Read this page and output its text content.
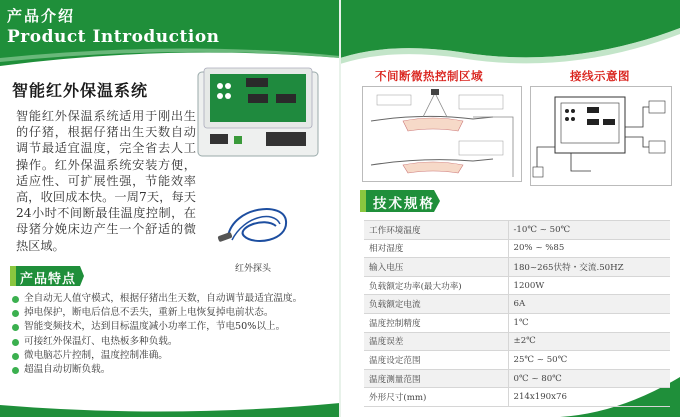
产品介绍
Product Introduction
智能红外保温系统
智能红外保温系统适用于刚出生的仔猪，根据仔猪出生天数自动调节最适宜温度，完全省去人工操作。红外保温系统安装方便，适应性、可扩展性强，节能效率高，收回成本快。一周7天，每天24小时不间断最佳温度控制，在母猪分娩床边产生一个舒适的微热区域。
红外探头
产品特点
全自动无人值守模式，根据仔猪出生天数，自动调节最适宜温度。
掉电保护，断电后信息不丢失，重新上电恢复掉电前状态。
智能变频技术，达到目标温度减小功率工作，节电50%以上。
可接红外保温灯、电热板多种负载。
微电脑芯片控制，温度控制准确。
超温自动切断负载。
不间断微热控制区域	接线示意图
技术规格
工作环境温度	-10℃ ~ 50℃
相对湿度	20% ~ %85
输入电压	180~265伏特・交流.50HZ
负载额定功率(最大功率)	1200W
负载额定电流	6A
温度控制精度	1℃
温度误差	±2℃
温度设定范围	25℃ ~ 50℃
温度测量范围	0℃ ~ 80℃
外形尺寸(mm)	214x190x76
